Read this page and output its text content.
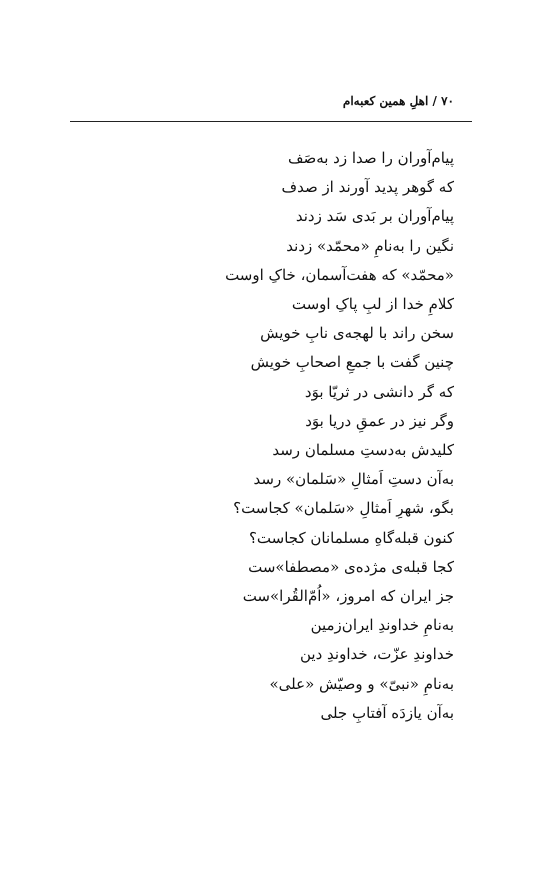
۷۰ / اهلِ همین کعبه‌ام
پیام‌آوران را صدا زد به‌صَف
که گوهر پدید آورند از صدف
پیام‌آوران بر بَدی سَد زدند
نگین را به‌نامِ «محمّد» زدند
«محمّد» که هفت‌آسمان، خاکِ اوست
کلامِ خدا از لبِ پاکِ اوست
سخن راند با لهجه‌ی نابِ خویش
چنین گفت با جمعِ اصحابِ خویش
که گر دانشی در ثریّا بوَد
وگر نیز در عمقِ دریا بوَد
کلیدش به‌دستِ مسلمان رسد
به‌آن دستِ اَمثالِ «سَلمان» رسد
بگو، شهرِ اَمثالِ «سَلمان» کجاست؟
کنون قبله‌گاهِ مسلمانان کجاست؟
کجا قبله‌ی مژده‌ی «مصطفا»ست
جز ایران که امروز، «اُمّ‌القُرا»ست
به‌نامِ خداوندِ ایران‌زمین
خداوندِ عزّت، خداوندِ دین
به‌نامِ «نبیّ» و وصیّش «علی»
به‌آن یازدَه آفتابِ جلی
